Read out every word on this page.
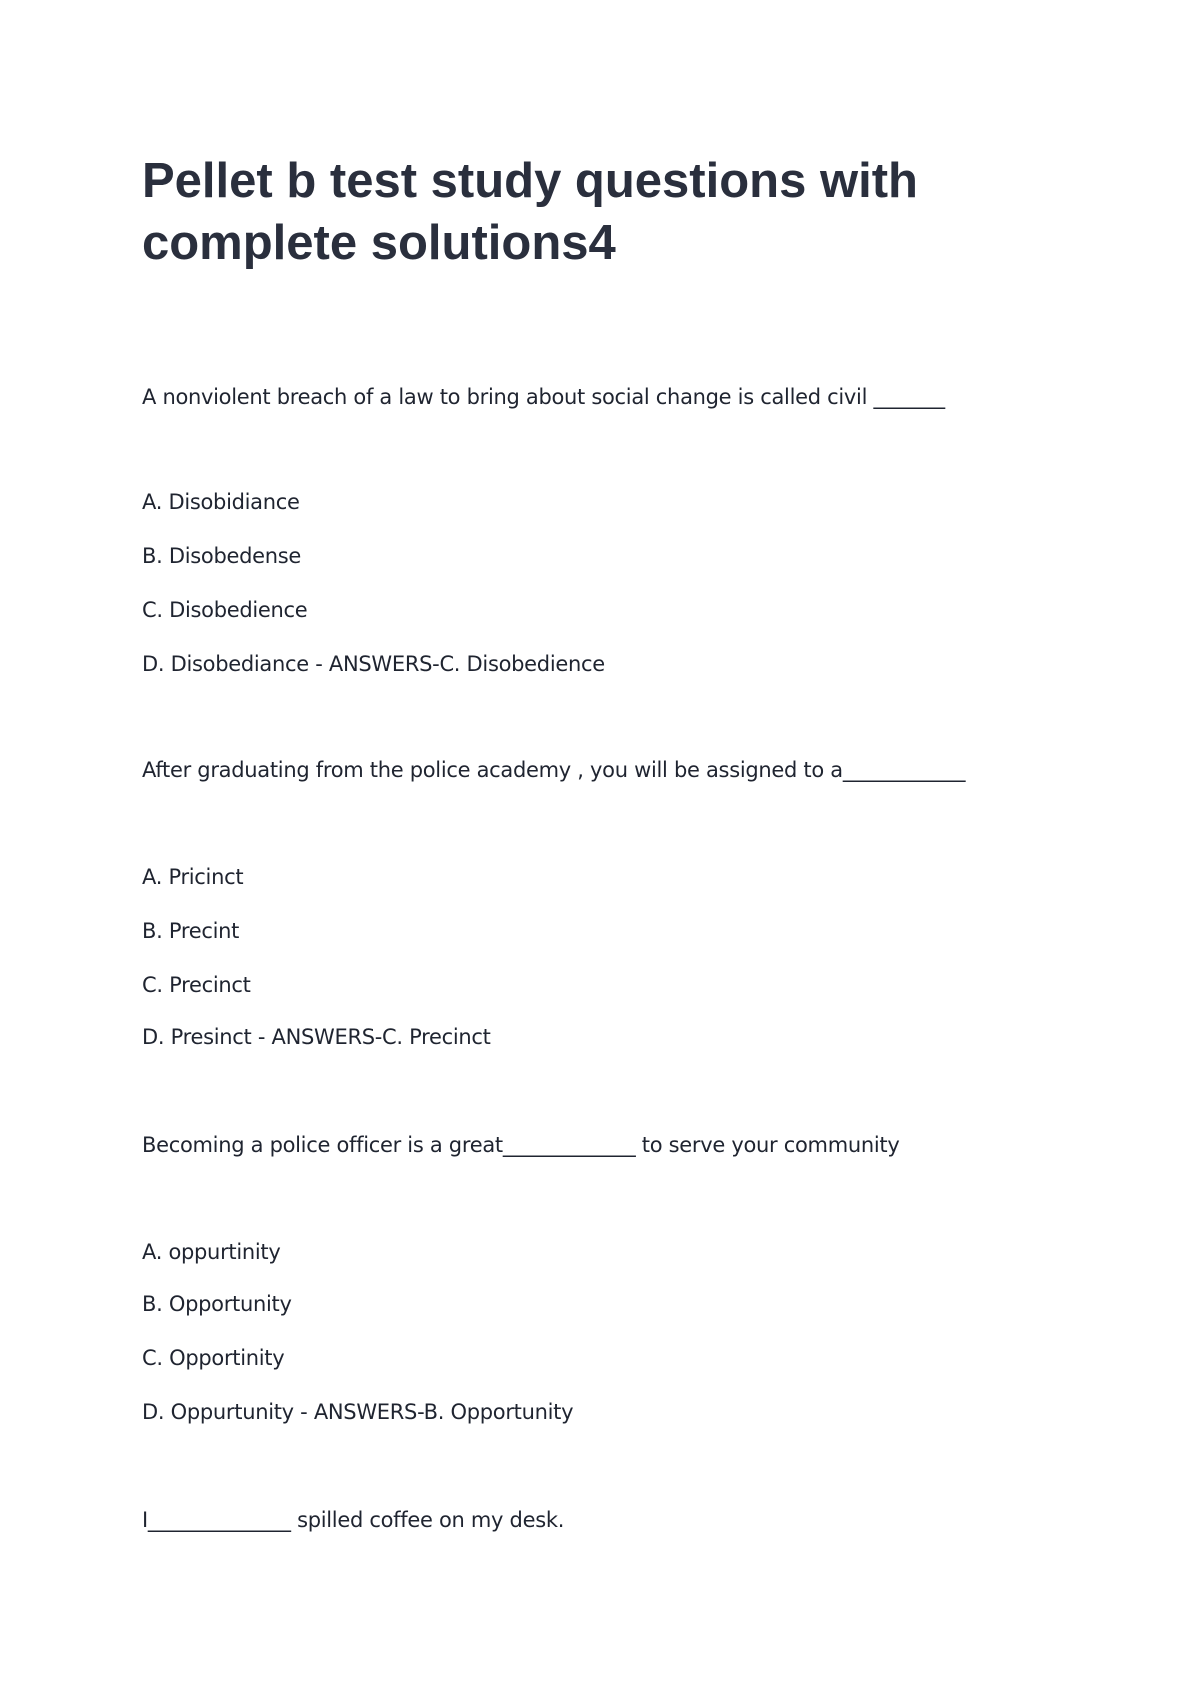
Pellet b test study questions with complete solutions4

A nonviolent breach of a law to bring about social change is called civil _______

A. Disobidiance

B. Disobedense

C. Disobedience

D. Disobediance - ANSWERS-C. Disobedience

After graduating from the police academy , you will be assigned to a____________

A. Pricinct

B. Precint

C. Precinct

D. Presinct - ANSWERS-C. Precinct

Becoming a police officer is a great_____________ to serve your community

A. oppurtinity

B. Opportunity

C. Opportinity

D. Oppurtunity - ANSWERS-B. Opportunity

I______________ spilled coffee on my desk.
